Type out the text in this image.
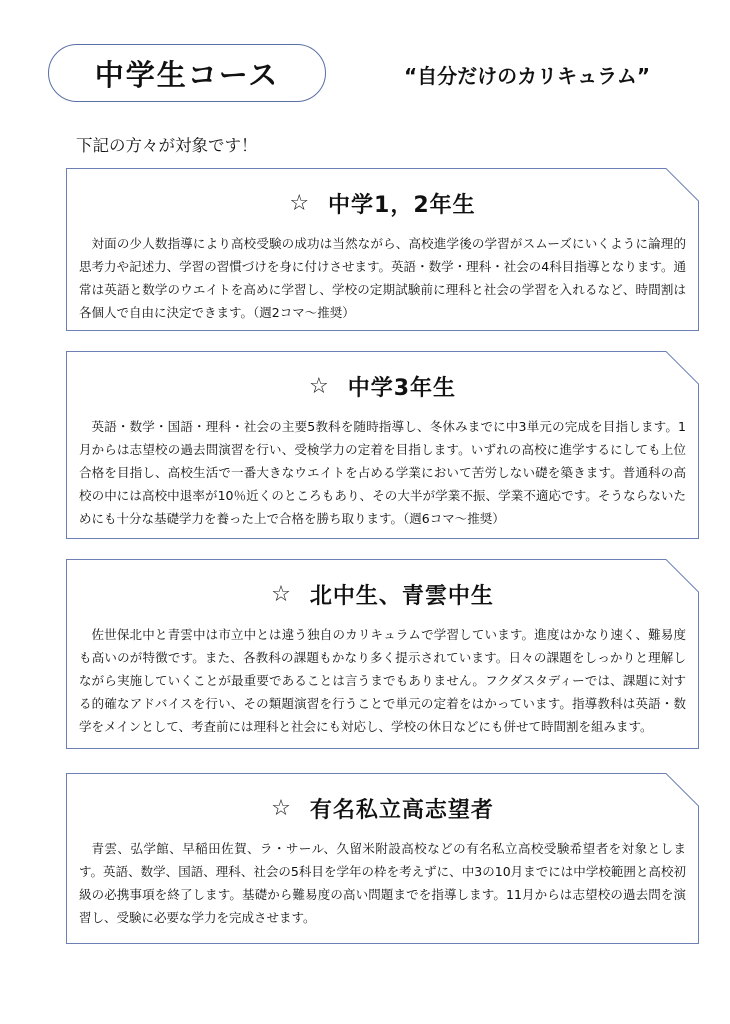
中学生コース	“自分だけのカリキュラム”
下記の方々が対象です！
☆ 中学1，2年生
対面の少人数指導により高校受験の成功は当然ながら、高校進学後の学習がスムーズにいくように論理的思考力や記述力、学習の習慣づけを身に付けさせます。英語・数学・理科・社会の4科目指導となります。通常は英語と数学のウエイトを高めに学習し、学校の定期試験前に理科と社会の学習を入れるなど、時間割は各個人で自由に決定できます。（週2コマ～推奨）
☆ 中学3年生
英語・数学・国語・理科・社会の主要5教科を随時指導し、冬休みまでに中3単元の完成を目指します。1月からは志望校の過去問演習を行い、受検学力の定着を目指します。いずれの高校に進学するにしても上位合格を目指し、高校生活で一番大きなウエイトを占める学業において苦労しない礎を築きます。普通科の高校の中には高校中退率が10％近くのところもあり、その大半が学業不振、学業不適応です。そうならないためにも十分な基礎学力を養った上で合格を勝ち取ります。（週6コマ～推奨）
☆ 北中生、青雲中生
佐世保北中と青雲中は市立中とは違う独自のカリキュラムで学習しています。進度はかなり速く、難易度も高いのが特徴です。また、各教科の課題もかなり多く提示されています。日々の課題をしっかりと理解しながら実施していくことが最重要であることは言うまでもありません。フクダスタディーでは、課題に対する的確なアドバイスを行い、その類題演習を行うことで単元の定着をはかっています。指導教科は英語・数学をメインとして、考査前には理科と社会にも対応し、学校の休日などにも併せて時間割を組みます。
☆ 有名私立高志望者
青雲、弘学館、早稲田佐賀、ラ・サール、久留米附設高校などの有名私立高校受験希望者を対象とします。英語、数学、国語、理科、社会の5科目を学年の枠を考えずに、中3の10月までには中学校範囲と高校初級の必携事項を終了します。基礎から難易度の高い問題までを指導します。11月からは志望校の過去問を演習し、受験に必要な学力を完成させます。
